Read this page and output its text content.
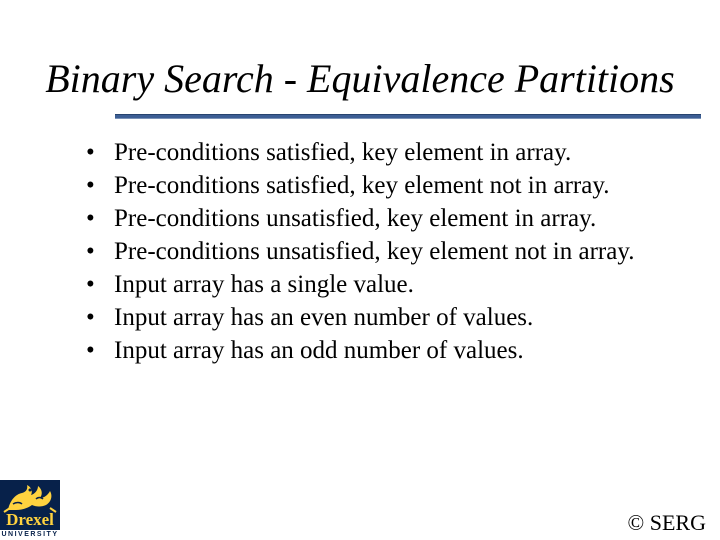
Binary Search - Equivalence Partitions
• Pre-conditions satisfied, key element in array.
• Pre-conditions satisfied, key element not in array.
• Pre-conditions unsatisfied, key element in array.
• Pre-conditions unsatisfied, key element not in array.
• Input array has a single value.
• Input array has an even number of values.
• Input array has an odd number of values.
Drexel
UNIVERSITY	© SERG
